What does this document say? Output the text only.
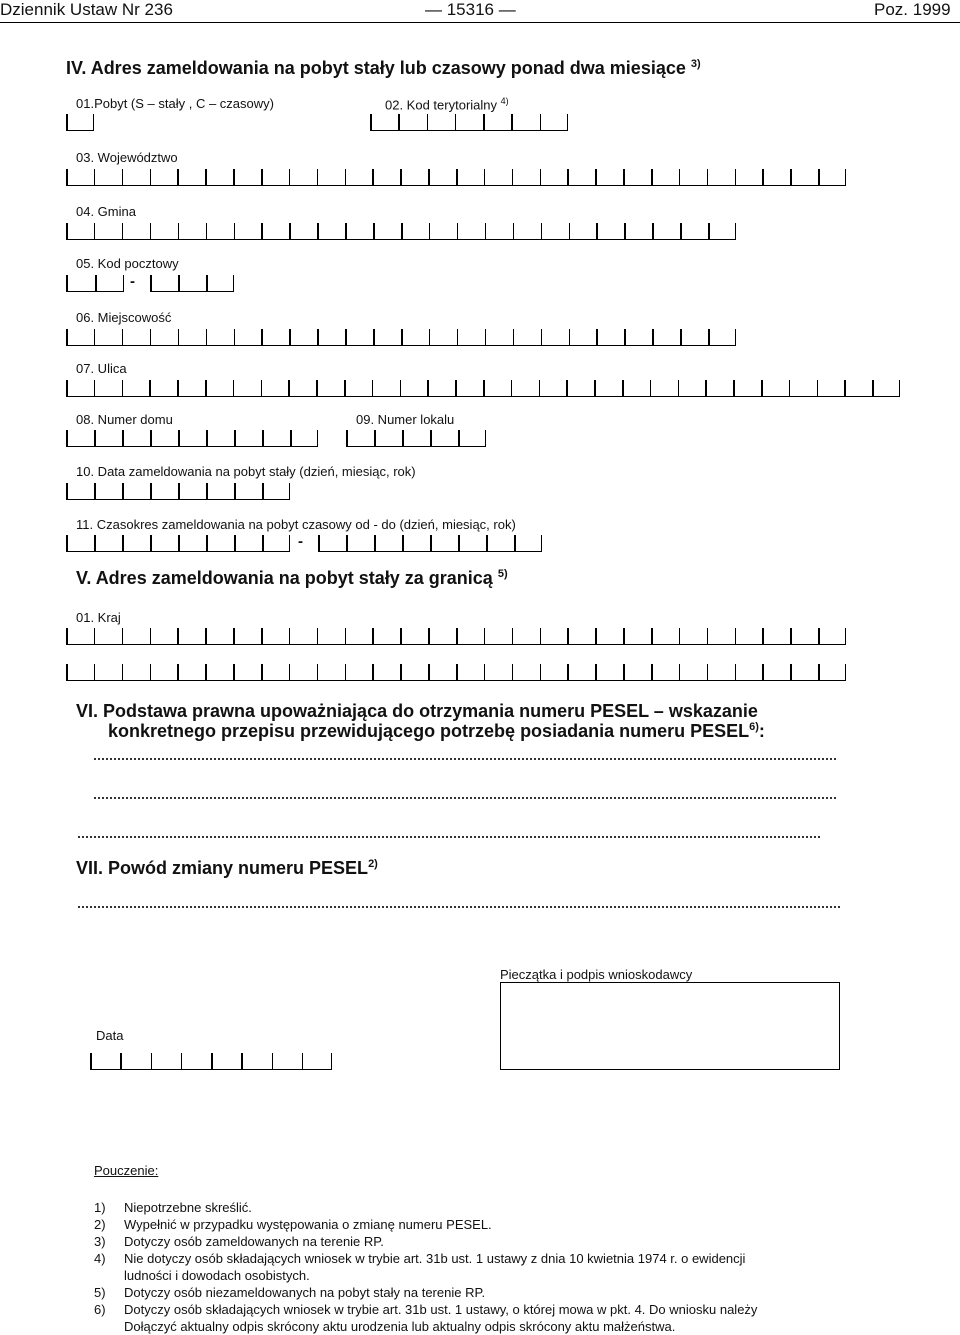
Dziennik Ustaw Nr 236	— 15316 —	Poz. 1999
IV. Adres zameldowania na pobyt stały lub czasowy ponad dwa miesiące $^{3)}$
01.Pobyt (S – stały , C – czasowy)	02. Kod terytorialny $^{4)}$
03. Województwo
04. Gmina
05. Kod pocztowy
-
06. Miejscowość
07. Ulica
08. Numer domu	09. Numer lokalu
10. Data zameldowania na pobyt stały (dzień, miesiąc, rok)
11. Czasokres zameldowania na pobyt czasowy od - do (dzień, miesiąc, rok)
-
V. Adres zameldowania na pobyt stały za granicą $^{5)}$
01. Kraj
VI. Podstawa prawna upoważniająca do otrzymania numeru PESEL – wskazanie
konkretnego przepisu przewidującego potrzebę posiadania numeru PESEL$^{6)}$:
VII. Powód zmiany numeru PESEL$^{2)}$
Pieczątka i podpis wnioskodawcy
Data
Pouczenie:
1) Niepotrzebne skreślić.
2) Wypełnić w przypadku występowania o zmianę numeru PESEL.
3) Dotyczy osób zameldowanych na terenie RP.
4) Nie dotyczy osób składających wniosek w trybie art. 31b ust. 1 ustawy z dnia 10 kwietnia 1974 r. o ewidencji
ludności i dowodach osobistych.
5) Dotyczy osób niezameldowanych na pobyt stały na terenie RP.
6) Dotyczy osób składających wniosek w trybie art. 31b ust. 1 ustawy, o której mowa w pkt. 4. Do wniosku należy
Dołączyć aktualny odpis skrócony aktu urodzenia lub aktualny odpis skrócony aktu małżeństwa.
